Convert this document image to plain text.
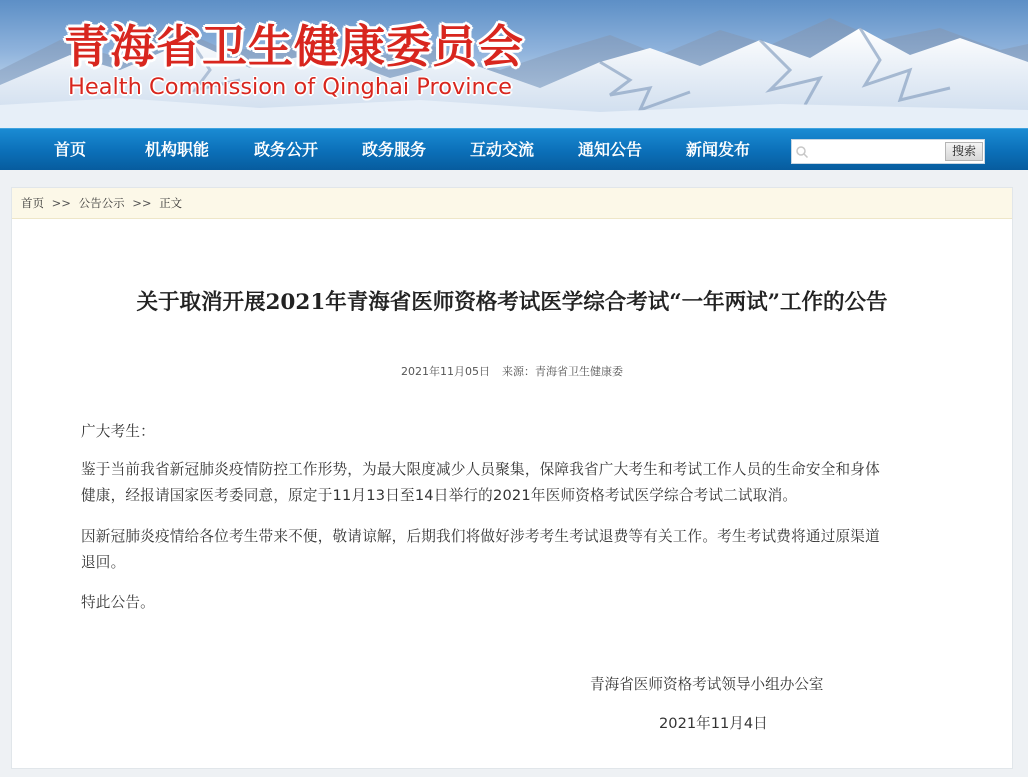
青海省卫生健康委员会
Health Commission of Qinghai Province
首页	机构职能	政务公开	政务服务	互动交流	通知公告	新闻发布	搜索
首页 >> 公告公示 >> 正文
关于取消开展2021年青海省医师资格考试医学综合考试“一年两试”工作的公告
2021年11月05日 来源：青海省卫生健康委
广大考生：
鉴于当前我省新冠肺炎疫情防控工作形势，为最大限度减少人员聚集，保障我省广大考生和考试工作人员的生命安全和身体
健康，经报请国家医考委同意，原定于11月13日至14日举行的2021年医师资格考试医学综合考试二试取消。
因新冠肺炎疫情给各位考生带来不便，敬请谅解，后期我们将做好涉考考生考试退费等有关工作。考生考试费将通过原渠道
退回。
特此公告。
青海省医师资格考试领导小组办公室
2021年11月4日
